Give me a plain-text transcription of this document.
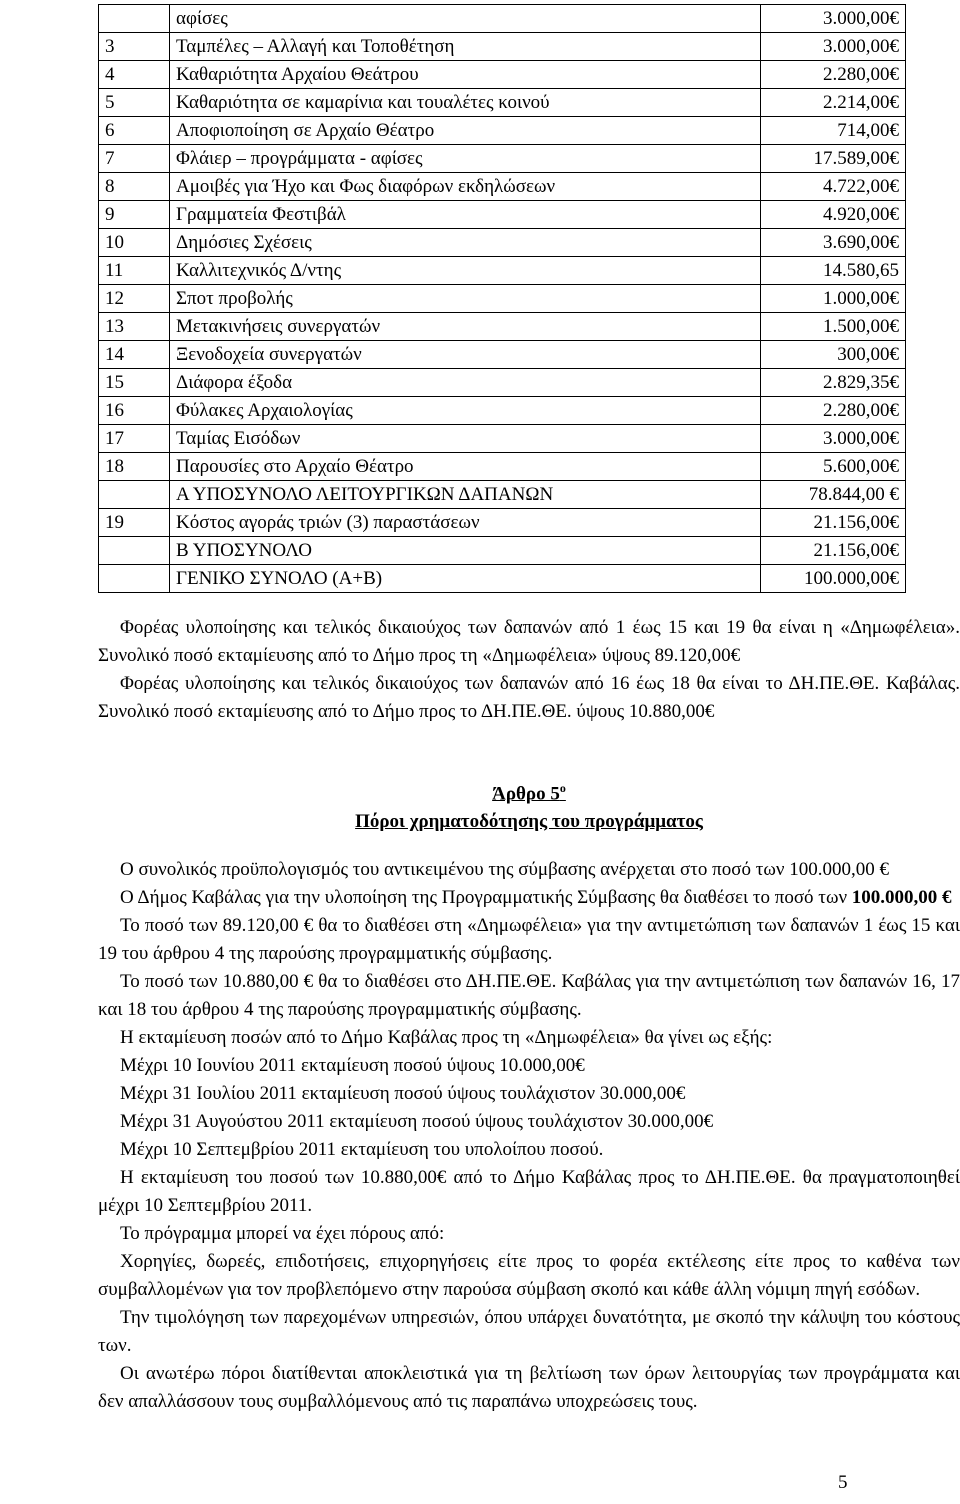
	αφίσες	3.000,00€
3	Ταμπέλες – Αλλαγή και Τοποθέτηση	3.000,00€
4	Καθαριότητα Αρχαίου Θεάτρου	2.280,00€
5	Καθαριότητα σε καμαρίνια και τουαλέτες κοινού	2.214,00€
6	Αποφιοποίηση σε Αρχαίο Θέατρο	714,00€
7	Φλάιερ – προγράμματα - αφίσες	17.589,00€
8	Αμοιβές για Ήχο και Φως διαφόρων εκδηλώσεων	4.722,00€
9	Γραμματεία Φεστιβάλ	4.920,00€
10	Δημόσιες Σχέσεις	3.690,00€
11	Καλλιτεχνικός Δ/ντης	14.580,65
12	Σποτ προβολής	1.000,00€
13	Μετακινήσεις συνεργατών	1.500,00€
14	Ξενοδοχεία συνεργατών	300,00€
15	Διάφορα έξοδα	2.829,35€
16	Φύλακες Αρχαιολογίας	2.280,00€
17	Ταμίας Εισόδων	3.000,00€
18	Παρουσίες στο Αρχαίο Θέατρο	5.600,00€
	Α ΥΠΟΣΥΝΟΛΟ ΛΕΙΤΟΥΡΓΙΚΩΝ ΔΑΠΑΝΩΝ	78.844,00 €
19	Κόστος αγοράς τριών (3) παραστάσεων	21.156,00€
	Β ΥΠΟΣΥΝΟΛΟ	21.156,00€
	ΓΕΝΙΚΟ ΣΥΝΟΛΟ (Α+Β)	100.000,00€

Φορέας υλοποίησης και τελικός δικαιούχος των δαπανών από 1 έως 15 και 19 θα είναι η «Δημωφέλεια». Συνολικό ποσό εκταμίευσης από το Δήμο προς τη «Δημωφέλεια» ύψους 89.120,00€

Φορέας υλοποίησης και τελικός δικαιούχος των δαπανών από 16 έως 18 θα είναι το ΔΗ.ΠΕ.ΘΕ. Καβάλας. Συνολικό ποσό εκταμίευσης από το Δήμο προς το ΔΗ.ΠΕ.ΘΕ. ύψους 10.880,00€

Άρθρο $5^o$

Πόροι χρηματοδότησης του προγράμματος

Ο συνολικός προϋπολογισμός του αντικειμένου της σύμβασης ανέρχεται στο ποσό των 100.000,00 €

Ο Δήμος Καβάλας για την υλοποίηση της Προγραμματικής Σύμβασης θα διαθέσει το ποσό των 100.000,00 €

Το ποσό των 89.120,00 € θα το διαθέσει στη «Δημωφέλεια» για την αντιμετώπιση των δαπανών 1 έως 15 και 19 του άρθρου 4 της παρούσης προγραμματικής σύμβασης.

Το ποσό των 10.880,00 € θα το διαθέσει στο ΔΗ.ΠΕ.ΘΕ. Καβάλας για την αντιμετώπιση των δαπανών 16, 17 και 18 του άρθρου 4 της παρούσης προγραμματικής σύμβασης.

Η εκταμίευση ποσών από το Δήμο Καβάλας προς τη «Δημωφέλεια» θα γίνει ως εξής:

Μέχρι 10 Ιουνίου 2011 εκταμίευση ποσού ύψους 10.000,00€

Μέχρι 31 Ιουλίου 2011 εκταμίευση ποσού ύψους τουλάχιστον 30.000,00€

Μέχρι 31 Αυγούστου 2011 εκταμίευση ποσού ύψους τουλάχιστον 30.000,00€

Μέχρι 10 Σεπτεμβρίου 2011 εκταμίευση του υπολοίπου ποσού.

Η εκταμίευση του ποσού των 10.880,00€ από το Δήμο Καβάλας προς το ΔΗ.ΠΕ.ΘΕ. θα πραγματοποιηθεί μέχρι 10 Σεπτεμβρίου 2011.

Το πρόγραμμα μπορεί να έχει πόρους από:

Χορηγίες, δωρεές, επιδοτήσεις, επιχορηγήσεις είτε προς το φορέα εκτέλεσης είτε προς το καθένα των συμβαλλομένων για τον προβλεπόμενο στην παρούσα σύμβαση σκοπό και κάθε άλλη νόμιμη πηγή εσόδων.

Την τιμολόγηση των παρεχομένων υπηρεσιών, όπου υπάρχει δυνατότητα, με σκοπό την κάλυψη του κόστους των.

Οι ανωτέρω πόροι διατίθενται αποκλειστικά για τη βελτίωση των όρων λειτουργίας των προγράμματα και δεν απαλλάσσουν τους συμβαλλόμενους από τις παραπάνω υποχρεώσεις τους.

5
